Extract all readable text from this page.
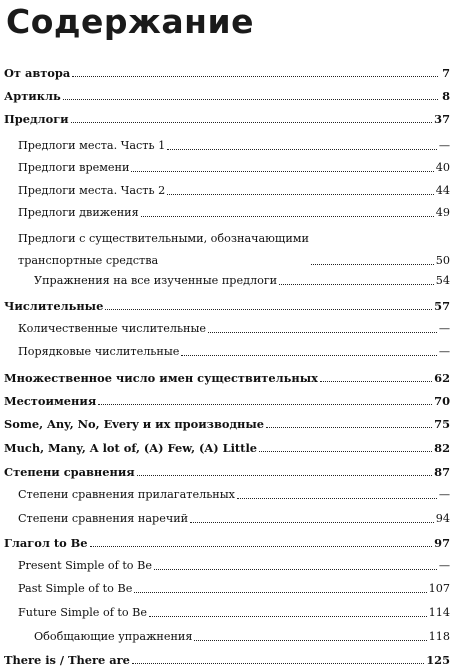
Содержание
От автора	7
Артикль	8
Предлоги	37
Предлоги места. Часть 1	—
Предлоги времени	40
Предлоги места. Часть 2	44
Предлоги движения	49
Предлоги с существительными, обозначающими
транспортные средства	50
Упражнения на все изученные предлоги	54
Числительные	57
Количественные числительные	—
Порядковые числительные	—
Множественное число имен существительных	62
Местоимения	70
Some, Any, No, Every и их производные	75
Much, Many, A lot of, (A) Few, (A) Little	82
Степени сравнения	87
Степени сравнения прилагательных	—
Степени сравнения наречий	94
Глагол to Be	97
Present Simple of to Be	—
Past Simple of to Be	107
Future Simple of to Be	114
Обобщающие упражнения	118
There is / There are	125
